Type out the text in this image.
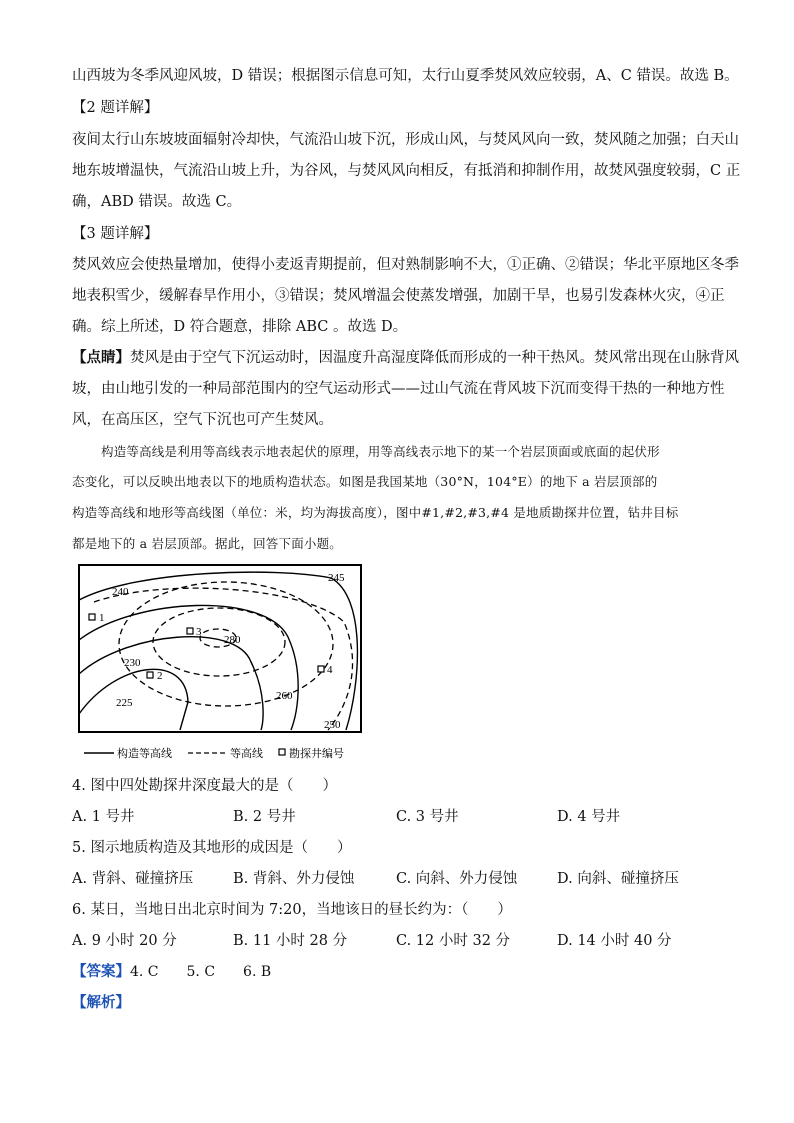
山西坡为冬季风迎风坡，D 错误；根据图示信息可知，太行山夏季焚风效应较弱，A、C 错误。故选 B。
【2 题详解】
夜间太行山东坡坡面辐射冷却快，气流沿山坡下沉，形成山风，与焚风风向一致，焚风随之加强；白天山
地东坡增温快，气流沿山坡上升，为谷风，与焚风风向相反，有抵消和抑制作用，故焚风强度较弱，C 正
确，ABD 错误。故选 C。
【3 题详解】
焚风效应会使热量增加，使得小麦返青期提前，但对熟制影响不大，①正确、②错误；华北平原地区冬季
地表积雪少，缓解春旱作用小，③错误；焚风增温会使蒸发增强，加剧干旱，也易引发森林火灾，④正
确。综上所述，D 符合题意，排除 ABC 。故选 D。
【点睛】焚风是由于空气下沉运动时，因温度升高湿度降低而形成的一种干热风。焚风常出现在山脉背风
坡，由山地引发的一种局部范围内的空气运动形式——过山气流在背风坡下沉而变得干热的一种地方性
风，在高压区，空气下沉也可产生焚风。
构造等高线是利用等高线表示地表起伏的原理，用等高线表示地下的某一个岩层顶面或底面的起伏形
态变化，可以反映出地表以下的地质构造状态。如图是我国某地（30°N，104°E）的地下 a 岩层顶部的
构造等高线和地形等高线图（单位：米，均为海拔高度），图中#1,#2,#3,#4 是地质勘探井位置，钻井目标
都是地下的 a 岩层顶部。据此，回答下面小题。
240
245
280
230
260
225
250
1
2
3
4
构造等高线	等高线 勘探井编号
4. 图中四处勘探井深度最大的是（　　）
A. 1 号井	B. 2 号井	C. 3 号井	D. 4 号井
5. 图示地质构造及其地形的成因是（　　）
A. 背斜、碰撞挤压	B. 背斜、外力侵蚀	C. 向斜、外力侵蚀	D. 向斜、碰撞挤压
6. 某日，当地日出北京时间为 7:20，当地该日的昼长约为：（　　）
A. 9 小时 20 分	B. 11 小时 28 分	C. 12 小时 32 分	D. 14 小时 40 分
【答案】4. C　　5. C　　6. B
【解析】
